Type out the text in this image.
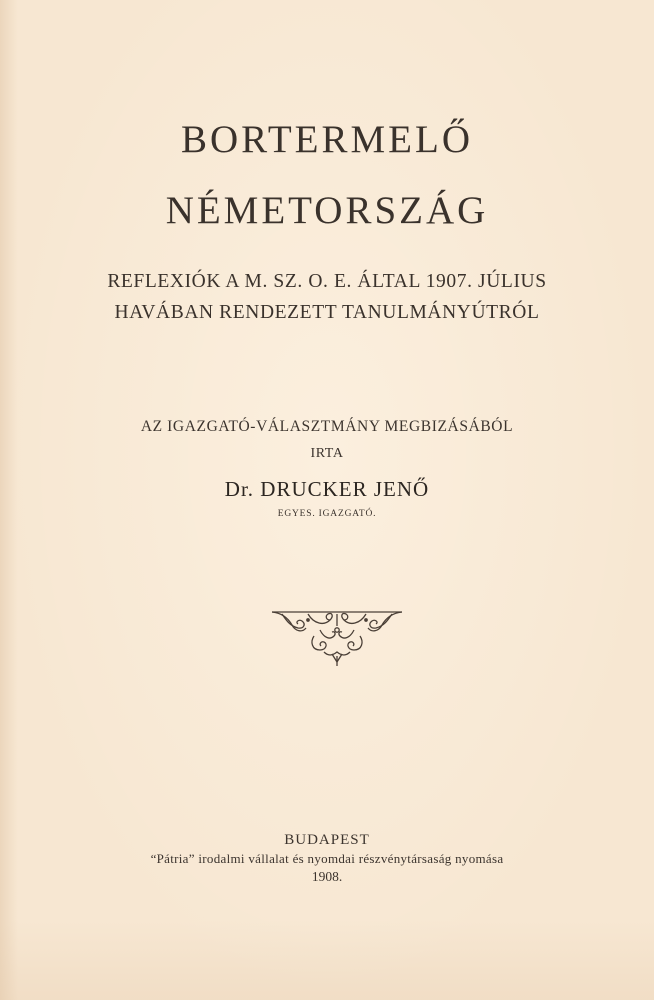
BORTERMELŐ
NÉMETORSZÁG
REFLEXIÓK A M. SZ. O. E. ÁLTAL 1907. JÚLIUS
HAVÁBAN RENDEZETT TANULMÁNYÚTRÓL
AZ IGAZGATÓ-VÁLASZTMÁNY MEGBIZÁSÁBÓL
IRTA
Dr. DRUCKER JENŐ
EGYES. IGAZGATÓ.
BUDAPEST
“Pátria” irodalmi vállalat és nyomdai részvénytársaság nyomása
1908.
